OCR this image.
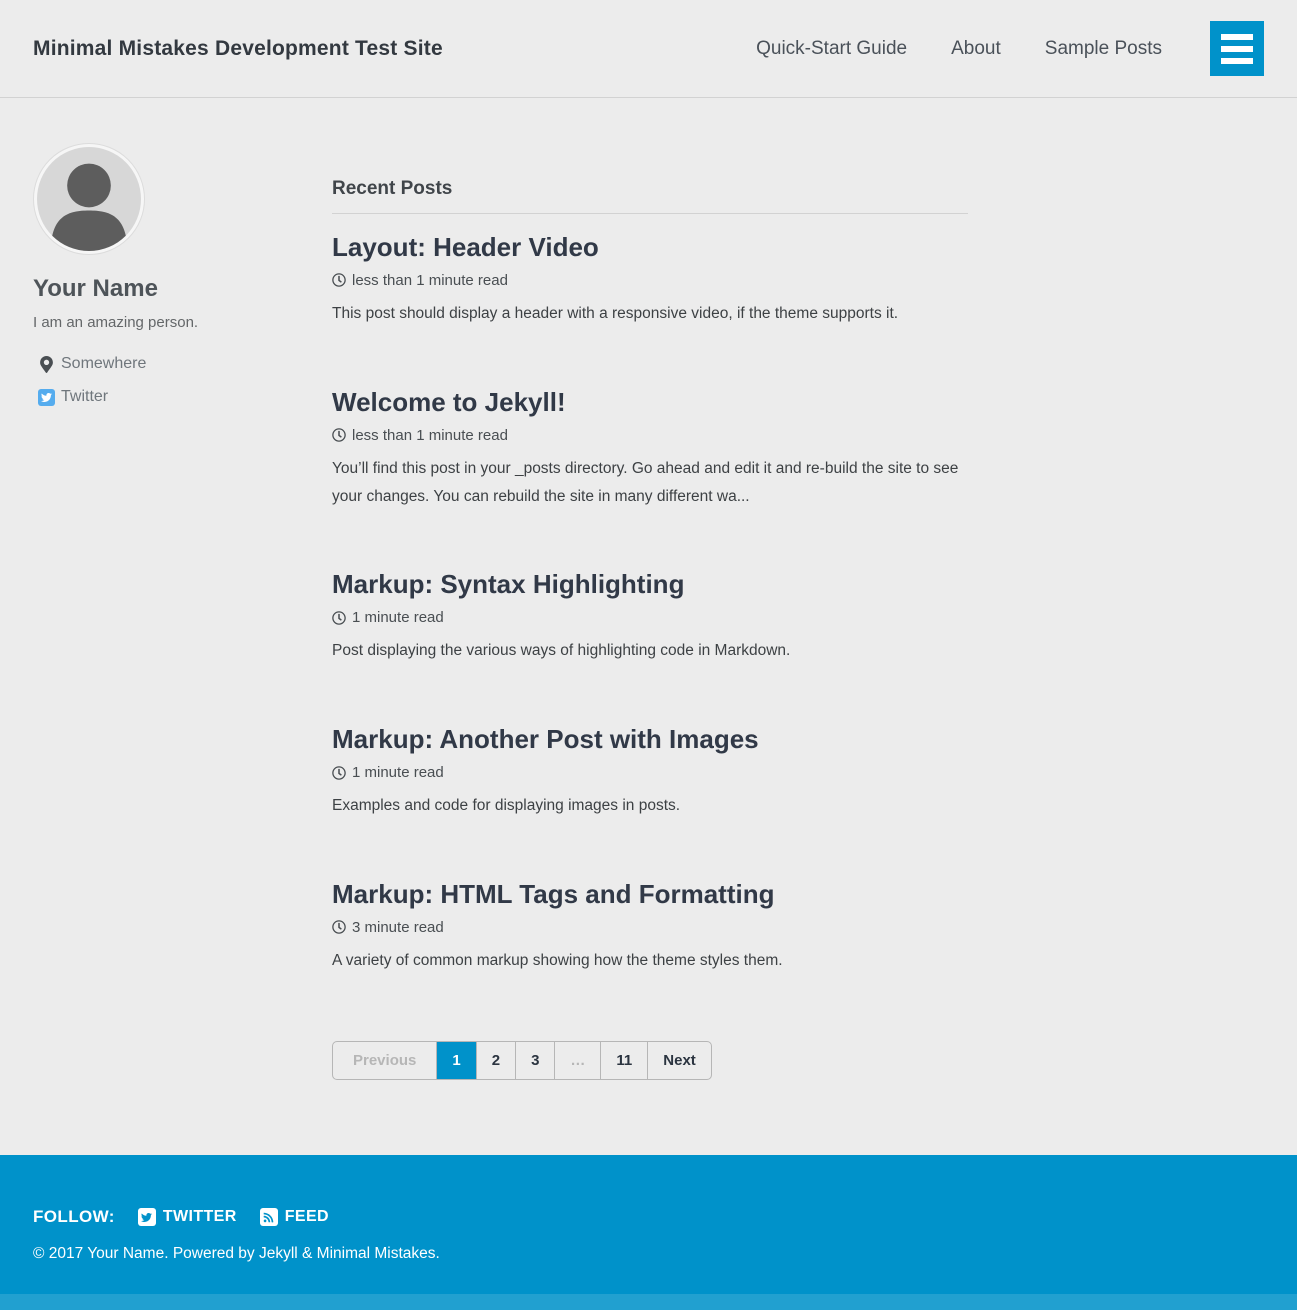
Minimal Mistakes Development Test Site	Quick-Start Guide About Sample Posts
Your Name

I am an amazing person.

Somewhere
Twitter
Recent Posts
Layout: Header Video
less than 1 minute read

This post should display a header with a responsive video, if the theme supports it.

Welcome to Jekyll!
less than 1 minute read

You’ll find this post in your _posts directory. Go ahead and edit it and re-build the site to see your changes. You can rebuild the site in many different wa...

Markup: Syntax Highlighting
1 minute read

Post displaying the various ways of highlighting code in Markdown.

Markup: Another Post with Images
1 minute read

Examples and code for displaying images in posts.

Markup: HTML Tags and Formatting
3 minute read

A variety of common markup showing how the theme styles them.

Previous	1	2	3	…	11	Next
FOLLOW:	TWITTER	FEED
© 2017 Your Name. Powered by Jekyll & Minimal Mistakes.
